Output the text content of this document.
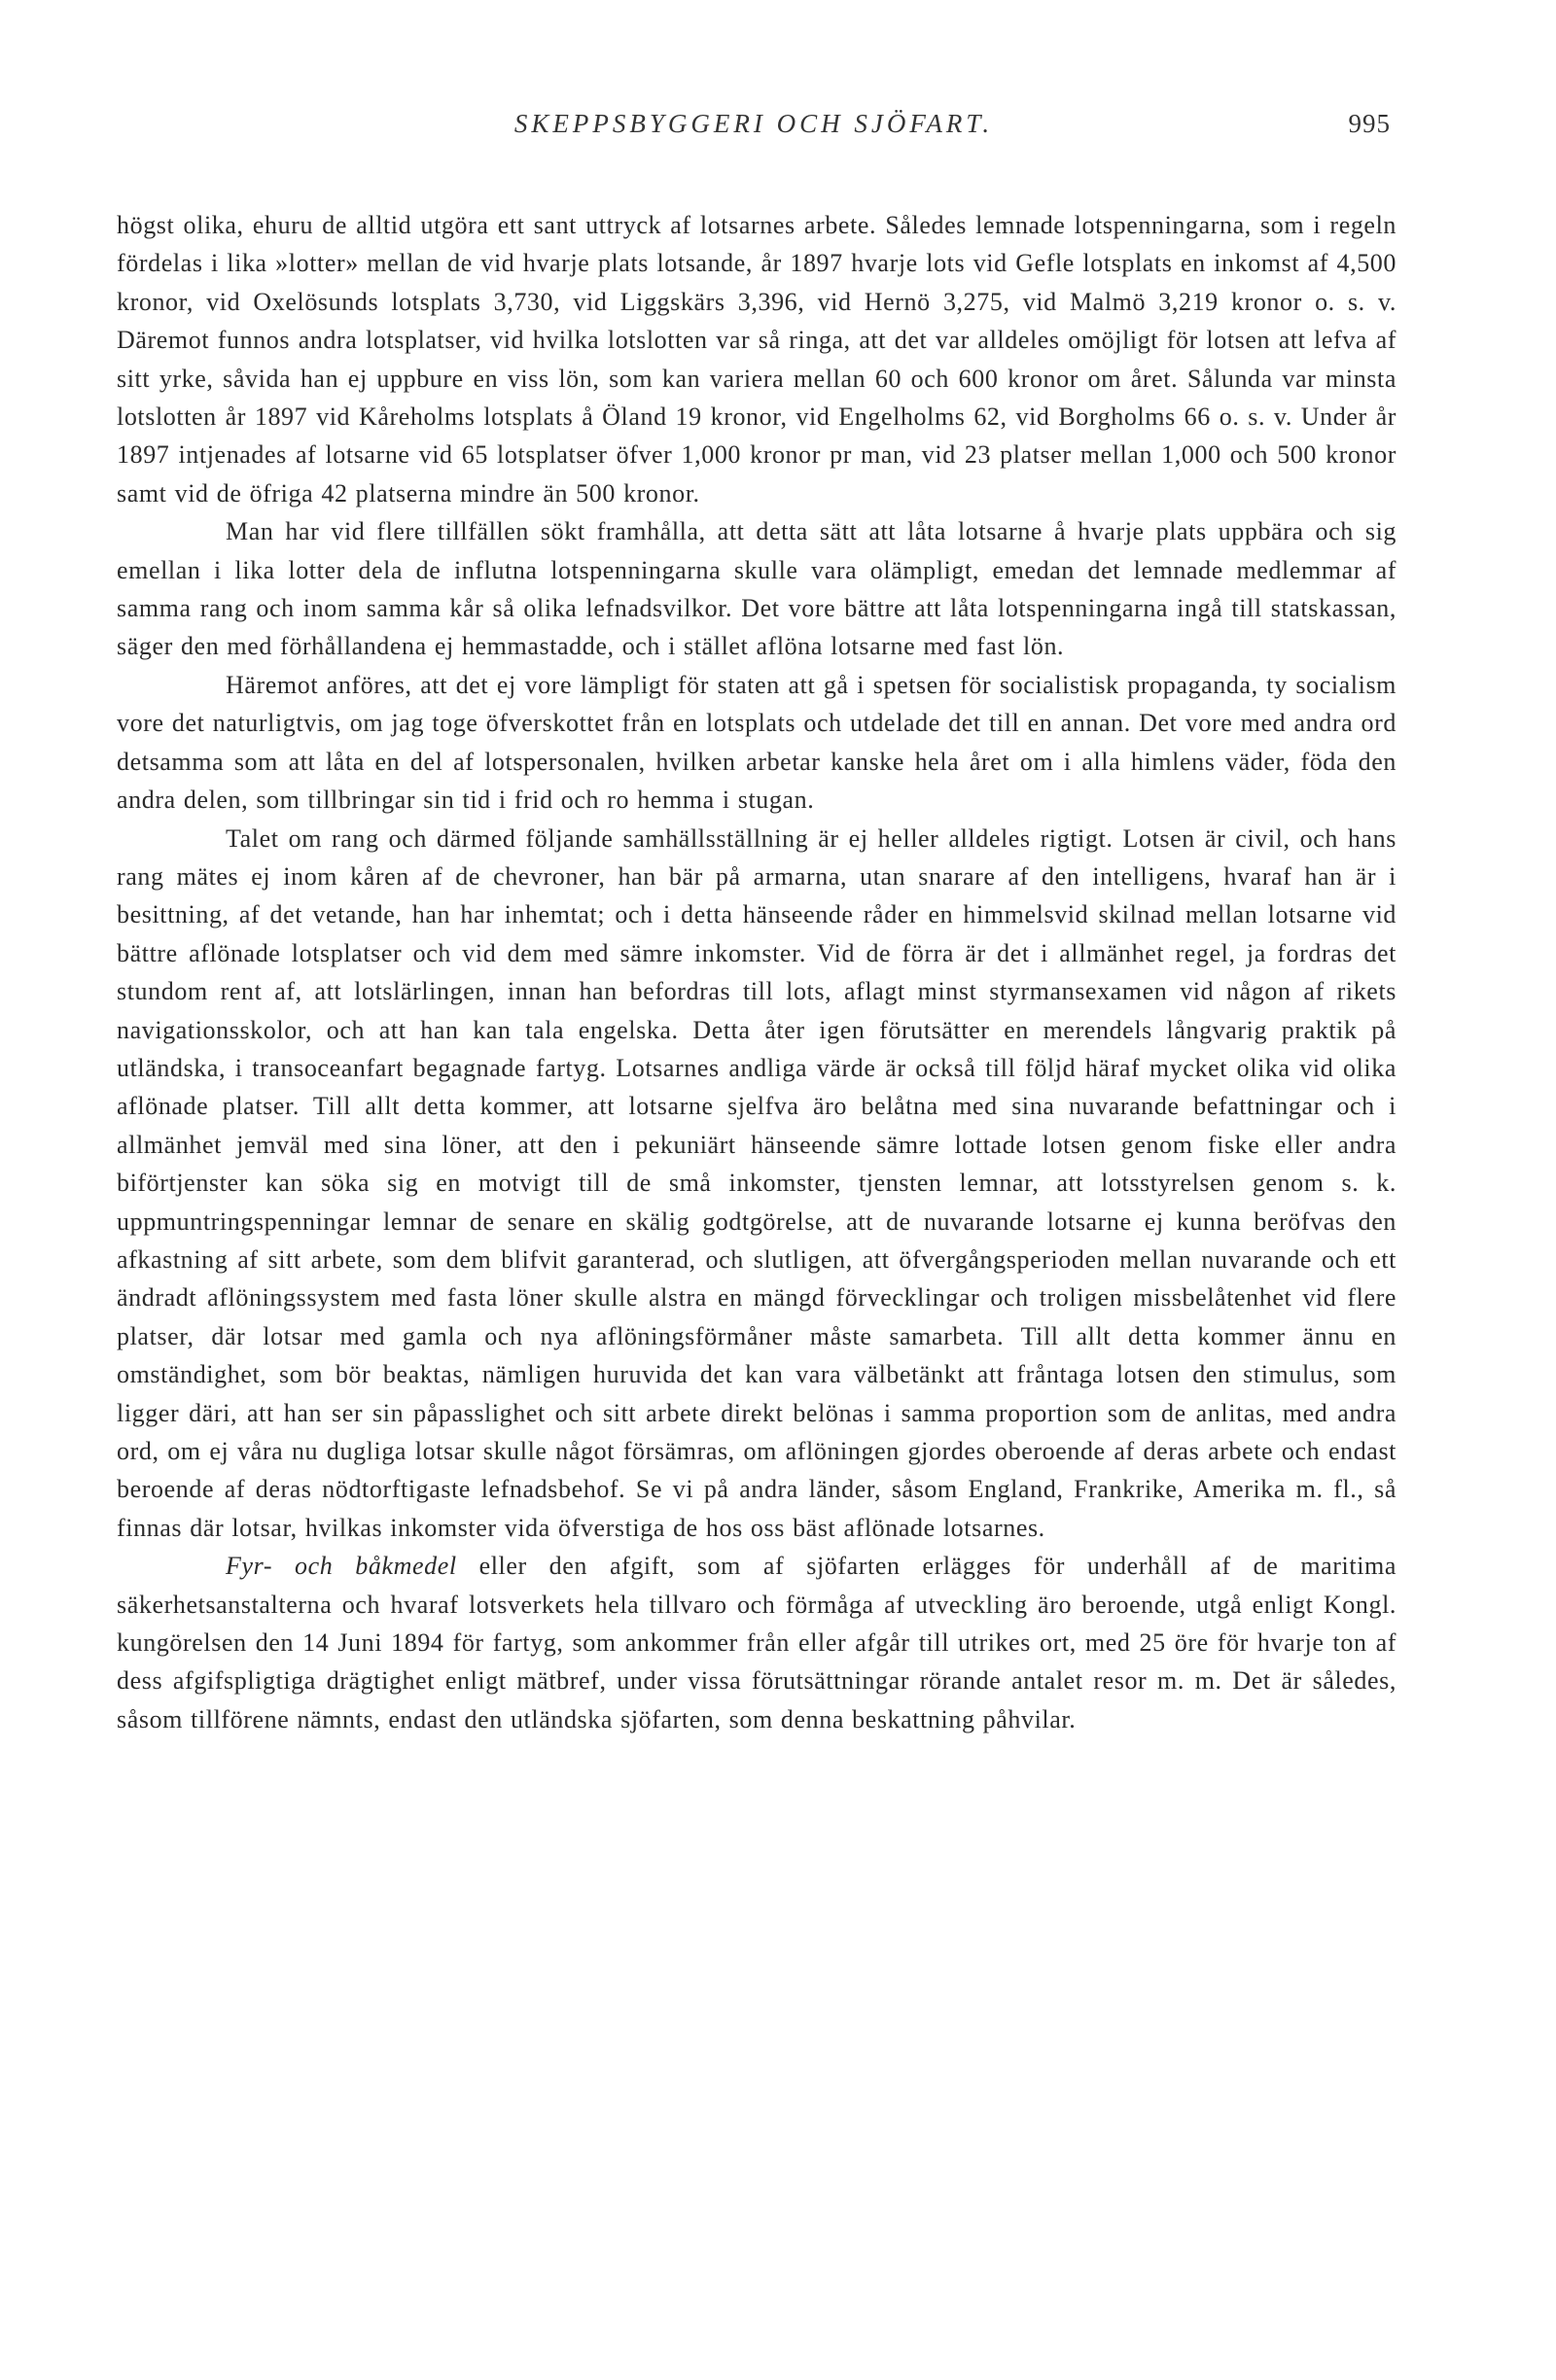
SKEPPSBYGGERI OCH SJÖFART.	995

högst olika, ehuru de alltid utgöra ett sant uttryck af lotsarnes arbete. Således lemnade lotspenningarna, som i regeln fördelas i lika »lotter» mellan de vid hvarje plats lotsande, år 1897 hvarje lots vid Gefle lotsplats en inkomst af 4,500 kronor, vid Oxelösunds lotsplats 3,730, vid Liggskärs 3,396, vid Hernö 3,275, vid Malmö 3,219 kronor o. s. v. Däremot funnos andra lotsplatser, vid hvilka lotslotten var så ringa, att det var alldeles omöjligt för lotsen att lefva af sitt yrke, såvida han ej uppbure en viss lön, som kan variera mellan 60 och 600 kronor om året. Sålunda var minsta lotslotten år 1897 vid Kåreholms lotsplats å Öland 19 kronor, vid Engelholms 62, vid Borgholms 66 o. s. v. Under år 1897 intjenades af lotsarne vid 65 lotsplatser öfver 1,000 kronor pr man, vid 23 platser mellan 1,000 och 500 kronor samt vid de öfriga 42 platserna mindre än 500 kronor.

Man har vid flere tillfällen sökt framhålla, att detta sätt att låta lotsarne å hvarje plats uppbära och sig emellan i lika lotter dela de influtna lotspenningarna skulle vara olämpligt, emedan det lemnade medlemmar af samma rang och inom samma kår så olika lefnadsvilkor. Det vore bättre att låta lotspenningarna ingå till statskassan, säger den med förhållandena ej hemmastadde, och i stället aflöna lotsarne med fast lön.

Häremot anföres, att det ej vore lämpligt för staten att gå i spetsen för socialistisk propaganda, ty socialism vore det naturligtvis, om jag toge öfverskottet från en lotsplats och utdelade det till en annan. Det vore med andra ord detsamma som att låta en del af lotspersonalen, hvilken arbetar kanske hela året om i alla himlens väder, föda den andra delen, som tillbringar sin tid i frid och ro hemma i stugan.

Talet om rang och därmed följande samhällsställning är ej heller alldeles rigtigt. Lotsen är civil, och hans rang mätes ej inom kåren af de chevroner, han bär på armarna, utan snarare af den intelligens, hvaraf han är i besittning, af det vetande, han har inhemtat; och i detta hänseende råder en himmelsvid skilnad mellan lotsarne vid bättre aflönade lotsplatser och vid dem med sämre inkomster. Vid de förra är det i allmänhet regel, ja fordras det stundom rent af, att lotslärlingen, innan han befordras till lots, aflagt minst styrmansexamen vid någon af rikets navigationsskolor, och att han kan tala engelska. Detta åter igen förutsätter en merendels långvarig praktik på utländska, i transoceanfart begagnade fartyg. Lotsarnes andliga värde är också till följd häraf mycket olika vid olika aflönade platser. Till allt detta kommer, att lotsarne sjelfva äro belåtna med sina nuvarande befattningar och i allmänhet jemväl med sina löner, att den i pekuniärt hänseende sämre lottade lotsen genom fiske eller andra biförtjenster kan söka sig en motvigt till de små inkomster, tjensten lemnar, att lotsstyrelsen genom s. k. uppmuntringspenningar lemnar de senare en skälig godtgörelse, att de nuvarande lotsarne ej kunna beröfvas den afkastning af sitt arbete, som dem blifvit garanterad, och slutligen, att öfvergångsperioden mellan nuvarande och ett ändradt aflöningssystem med fasta löner skulle alstra en mängd förvecklingar och troligen missbelåtenhet vid flere platser, där lotsar med gamla och nya aflöningsförmåner måste samarbeta. Till allt detta kommer ännu en omständighet, som bör beaktas, nämligen huruvida det kan vara välbetänkt att fråntaga lotsen den stimulus, som ligger däri, att han ser sin påpasslighet och sitt arbete direkt belönas i samma proportion som de anlitas, med andra ord, om ej våra nu dugliga lotsar skulle något försämras, om aflöningen gjordes oberoende af deras arbete och endast beroende af deras nödtorftigaste lefnadsbehof. Se vi på andra länder, såsom England, Frankrike, Amerika m. fl., så finnas där lotsar, hvilkas inkomster vida öfverstiga de hos oss bäst aflönade lotsarnes.

Fyr- och båkmedel eller den afgift, som af sjöfarten erlägges för underhåll af de maritima säkerhetsanstalterna och hvaraf lotsverkets hela tillvaro och förmåga af utveckling äro beroende, utgå enligt Kongl. kungörelsen den 14 Juni 1894 för fartyg, som ankommer från eller afgår till utrikes ort, med 25 öre för hvarje ton af dess afgifspligtiga drägtighet enligt mätbref, under vissa förutsättningar rörande antalet resor m. m. Det är således, såsom tillförene nämnts, endast den utländska sjöfarten, som denna beskattning påhvilar.
